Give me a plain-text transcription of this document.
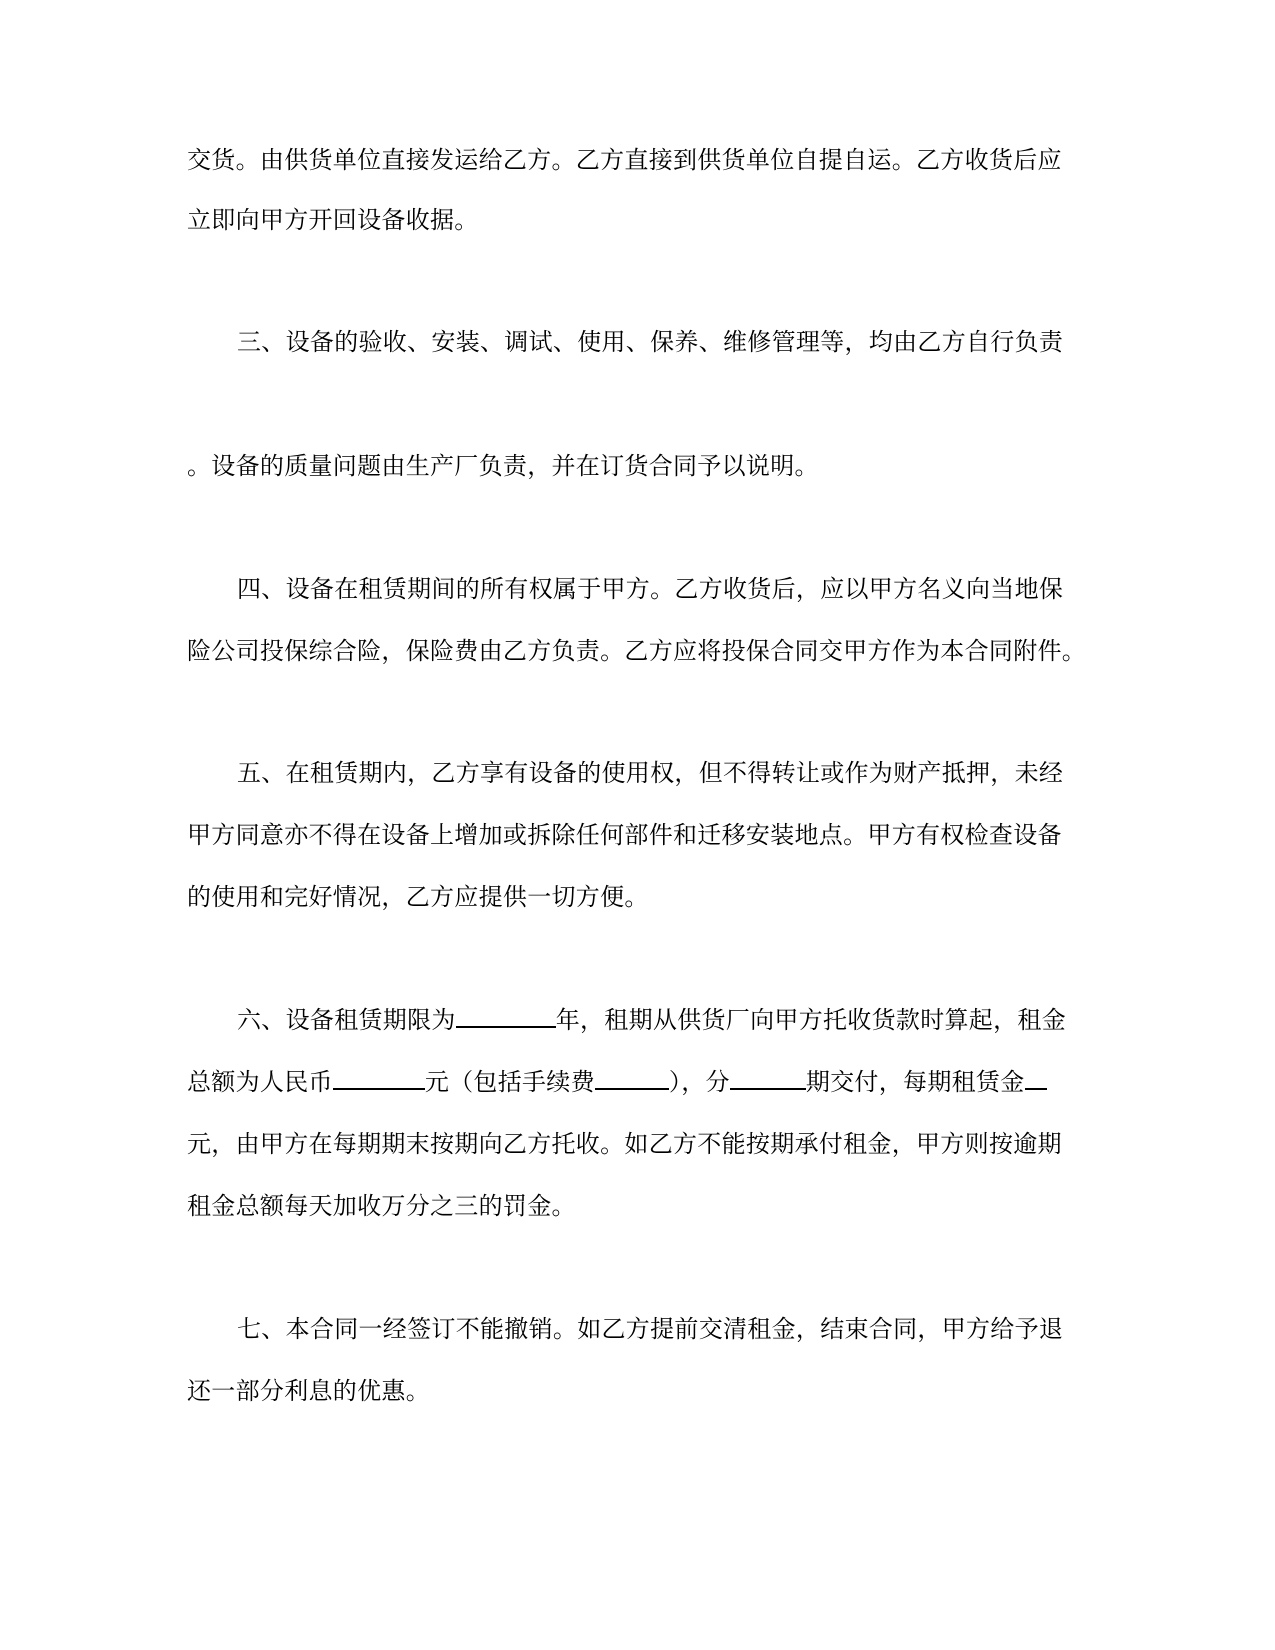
交货。由供货单位直接发运给乙方。乙方直接到供货单位自提自运。乙方收货后应
立即向甲方开回设备收据。
三、设备的验收、安装、调试、使用、保养、维修管理等，均由乙方自行负责
。设备的质量问题由生产厂负责，并在订货合同予以说明。
四、设备在租赁期间的所有权属于甲方。乙方收货后，应以甲方名义向当地保
险公司投保综合险，保险费由乙方负责。乙方应将投保合同交甲方作为本合同附件。
五、在租赁期内，乙方享有设备的使用权，但不得转让或作为财产抵押，未经
甲方同意亦不得在设备上增加或拆除任何部件和迁移安装地点。甲方有权检查设备
的使用和完好情况，乙方应提供一切方便。
六、设备租赁期限为	年，租期从供货厂向甲方托收货款时算起，租金
总额为人民币	元（包括手续费	），分	期交付，每期租赁金
元，由甲方在每期期末按期向乙方托收。如乙方不能按期承付租金，甲方则按逾期
租金总额每天加收万分之三的罚金。
七、本合同一经签订不能撤销。如乙方提前交清租金，结束合同，甲方给予退
还一部分利息的优惠。
